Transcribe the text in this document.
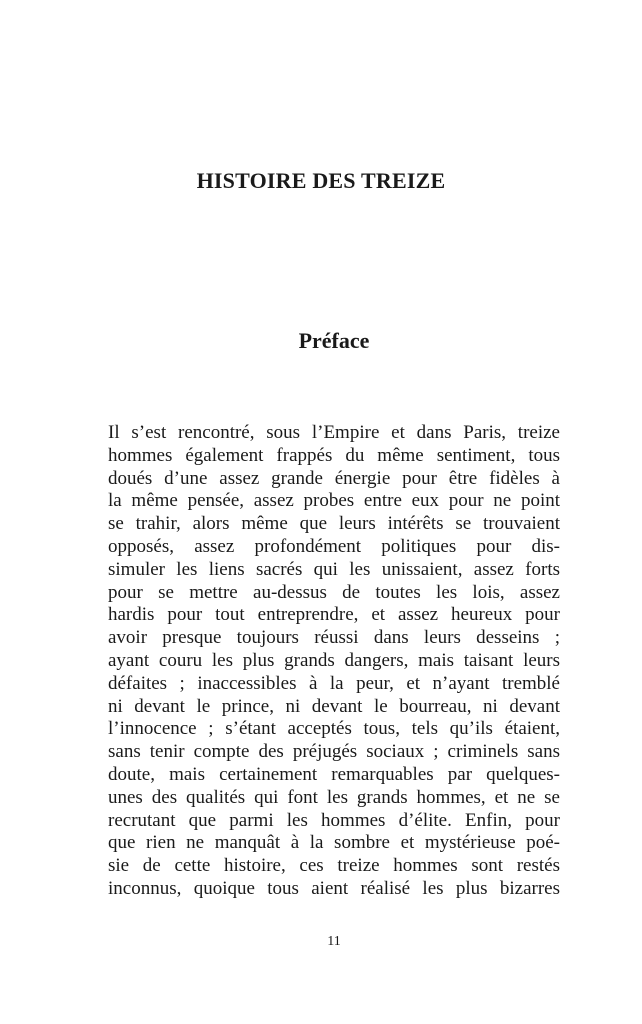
HISTOIRE DES TREIZE
Préface
Il s’est rencontré, sous l’Empire et dans Paris, treize
hommes également frappés du même sentiment, tous
doués d’une assez grande énergie pour être fidèles à
la même pensée, assez probes entre eux pour ne point
se trahir, alors même que leurs intérêts se trouvaient
opposés, assez profondément politiques pour dis-
simuler les liens sacrés qui les unissaient, assez forts
pour se mettre au-dessus de toutes les lois, assez
hardis pour tout entreprendre, et assez heureux pour
avoir presque toujours réussi dans leurs desseins ;
ayant couru les plus grands dangers, mais taisant leurs
défaites ; inaccessibles à la peur, et n’ayant tremblé
ni devant le prince, ni devant le bourreau, ni devant
l’innocence ; s’étant acceptés tous, tels qu’ils étaient,
sans tenir compte des préjugés sociaux ; criminels sans
doute, mais certainement remarquables par quelques-
unes des qualités qui font les grands hommes, et ne se
recrutant que parmi les hommes d’élite. Enfin, pour
que rien ne manquât à la sombre et mystérieuse poé-
sie de cette histoire, ces treize hommes sont restés
inconnus, quoique tous aient réalisé les plus bizarres
11
